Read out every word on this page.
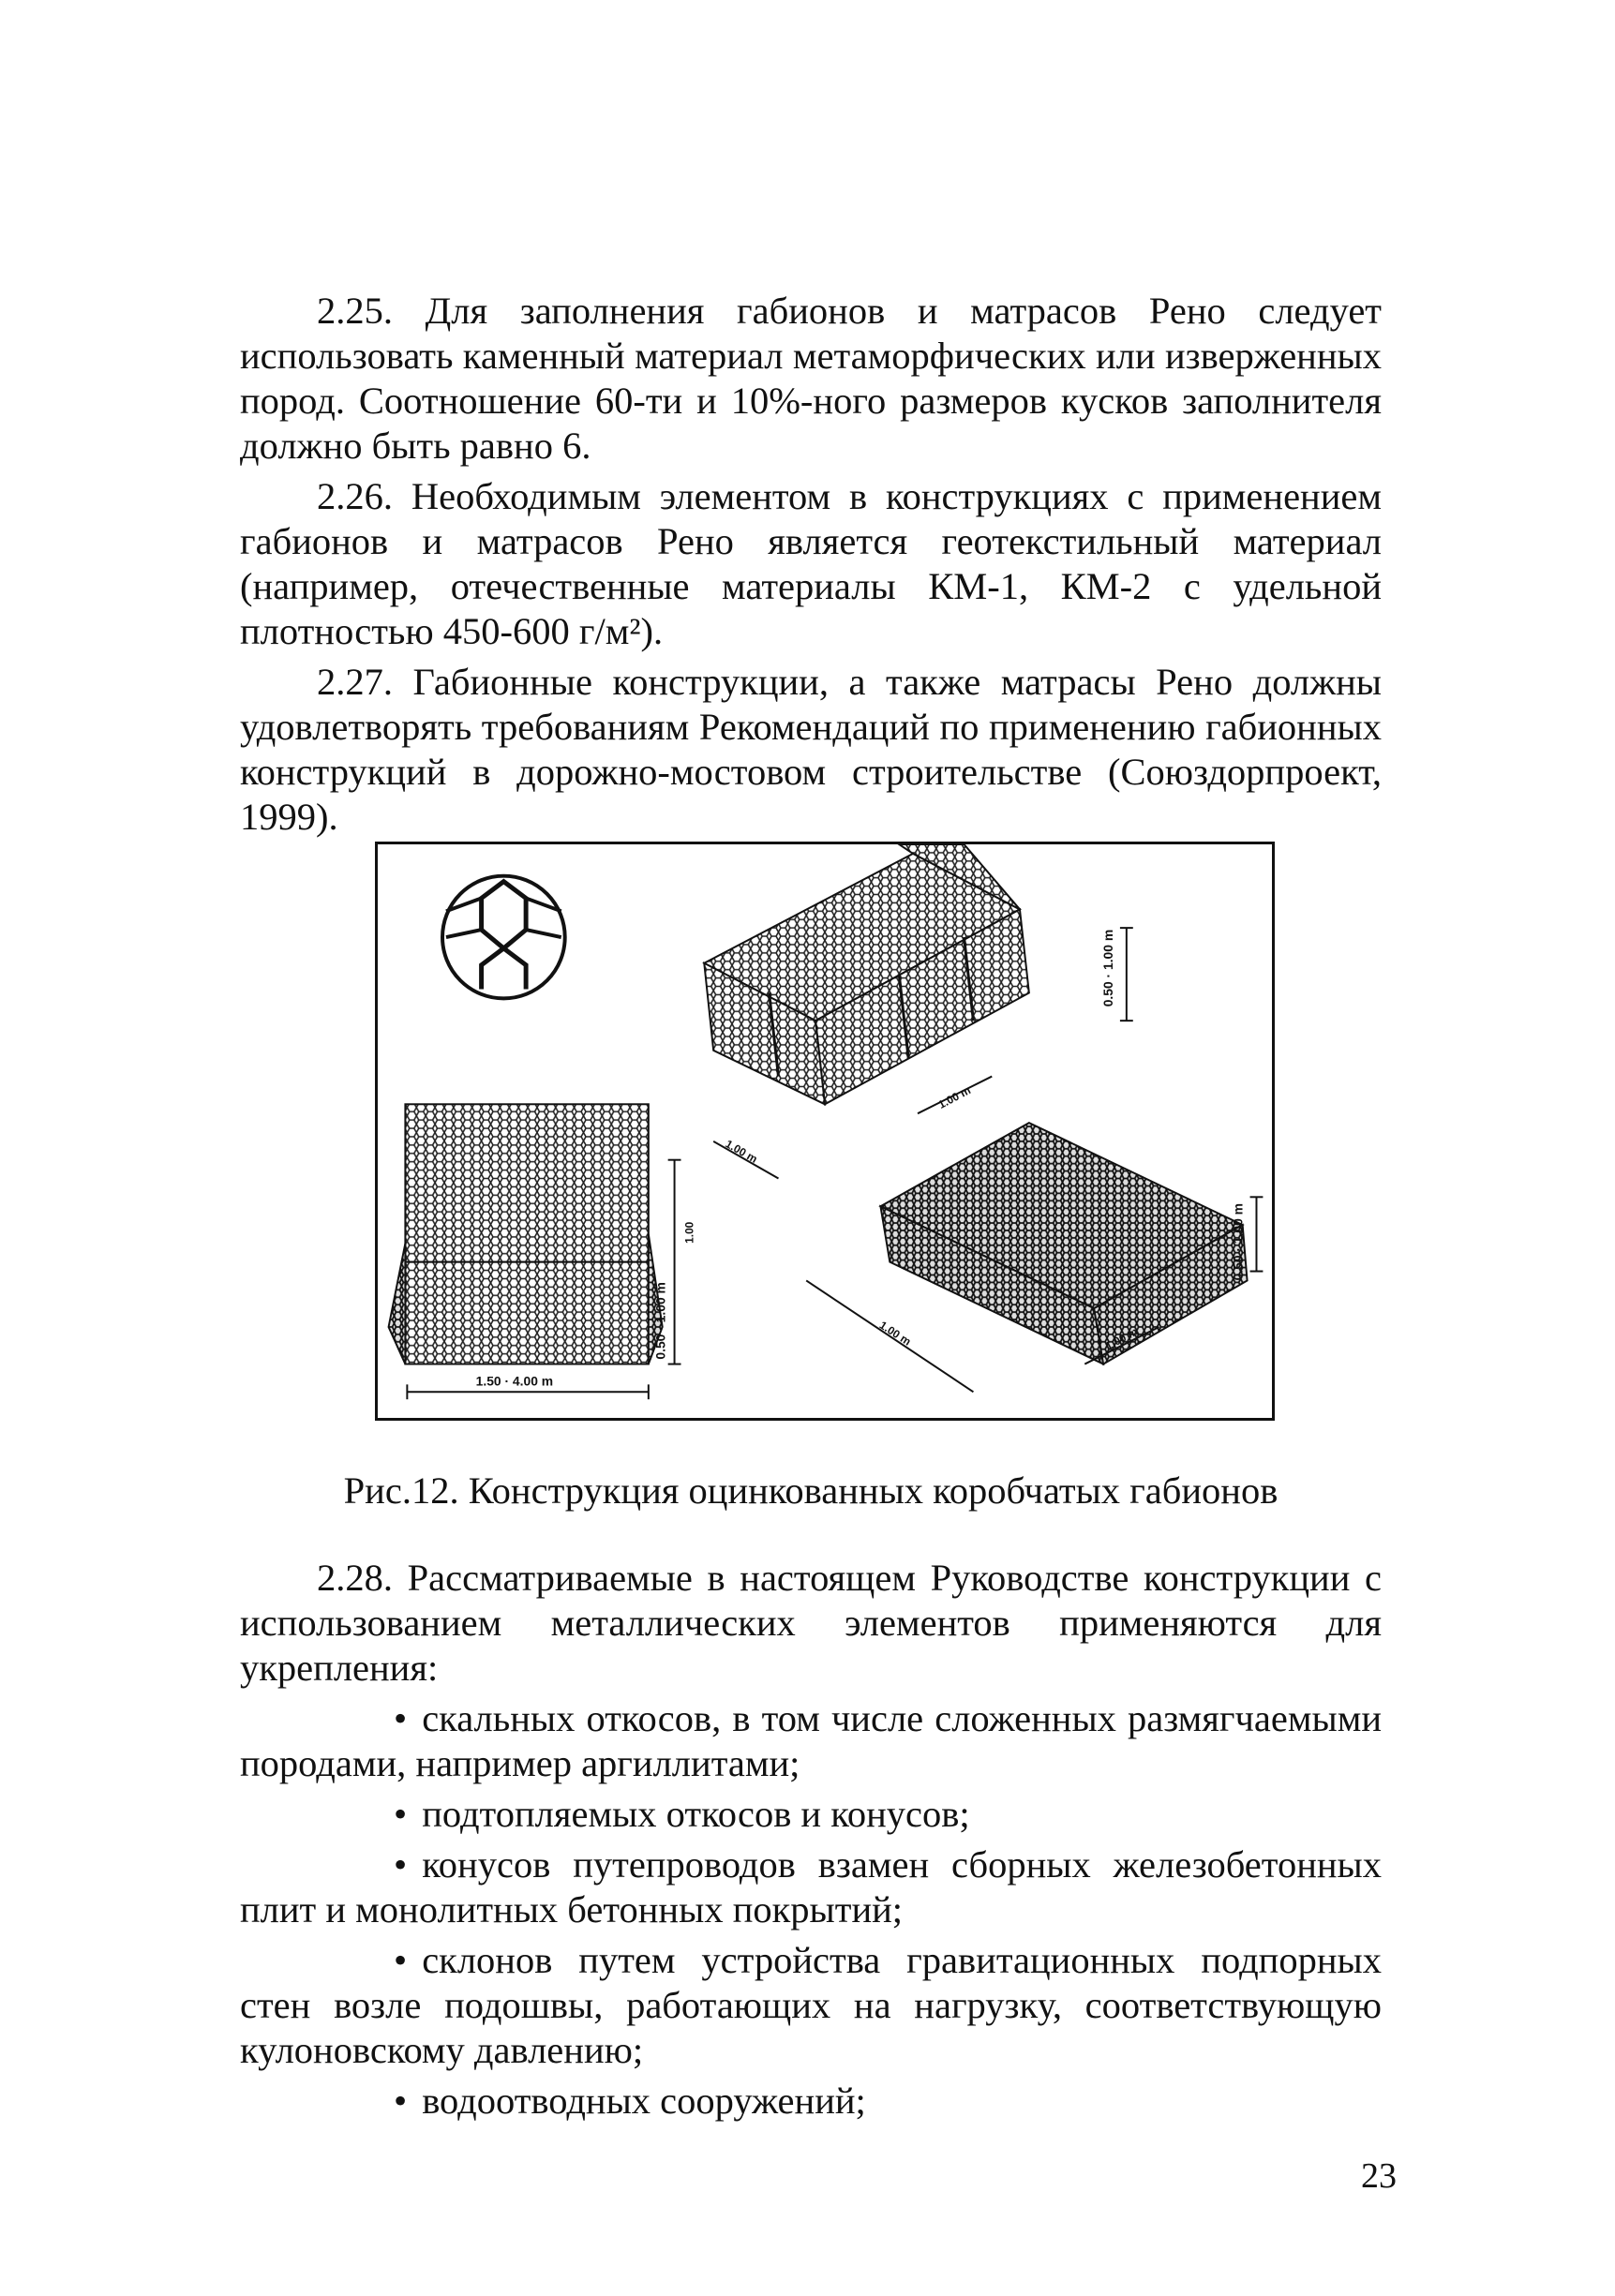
2.25. Для заполнения габионов и матрасов Рено следует использовать каменный материал метаморфических или изверженных пород. Соотношение 60-ти и 10%-ного размеров кусков заполнителя должно быть равно 6.

2.26. Необходимым элементом в конструкциях с применением габионов и матрасов Рено является геотекстильный материал (например, отечественные материалы КМ-1, КМ-2 с удельной плотностью 450-600 г/м²).

2.27. Габионные конструкции, а также матрасы Рено должны удовлетворять требованиям Рекомендаций по применению габионных конструкций в дорожно-мостовом строительстве (Союздорпроект, 1999).

0.50 · 1.00 m
0.50 · 1.00 m
1.00
0.50 · 1.00 m
1.50 · 4.00 m
1.00 m
1.00 m
1.00 m	1.00 m
Рис.12. Конструкция оцинкованных коробчатых габионов

2.28. Рассматриваемые в настоящем Руководстве конструкции с использованием металлических элементов применяются для укрепления:

• скальных откосов, в том числе сложенных размягчаемыми породами, например аргиллитами;
• подтопляемых откосов и конусов;
• конусов путепроводов взамен сборных железобетонных плит и монолитных бетонных покрытий;
• склонов путем устройства гравитационных подпорных стен возле подошвы, работающих на нагрузку, соответствующую кулоновскому давлению;
• водоотводных сооружений;
23
